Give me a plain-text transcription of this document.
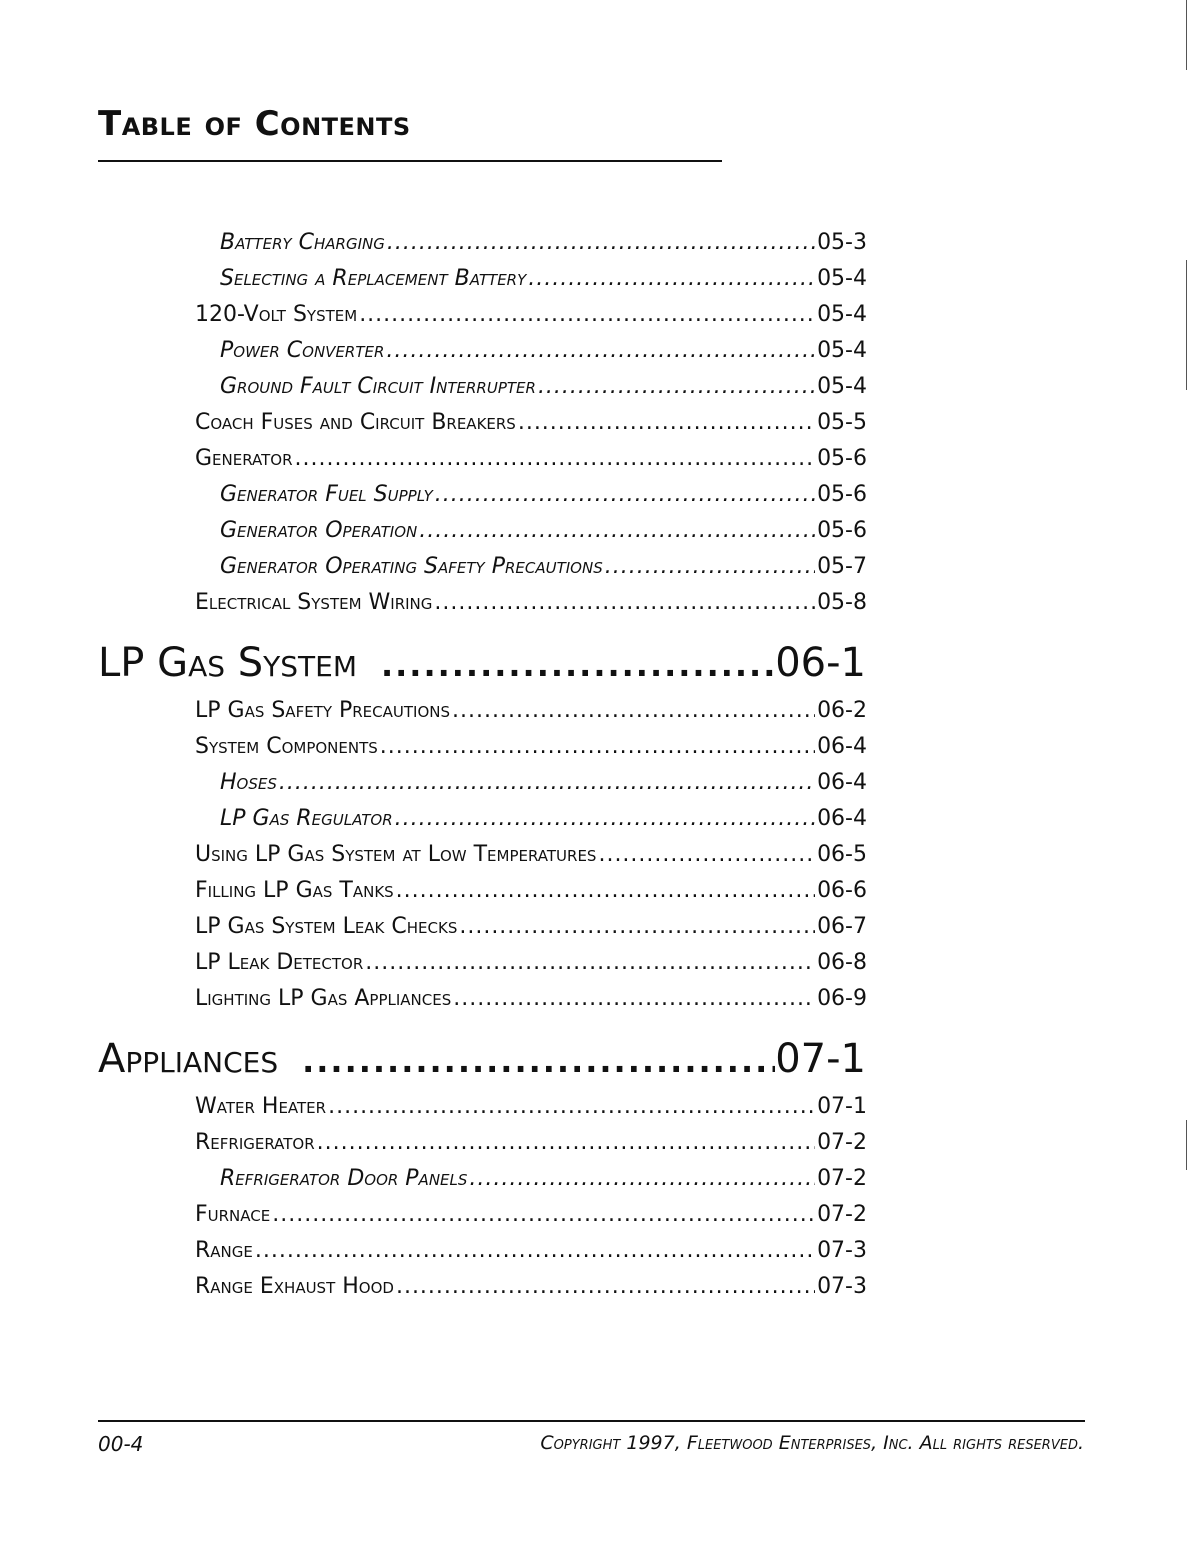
Table of Contents
Battery Charging .....	05-3
Selecting a Replacement Battery .....	05-4
120-Volt System .....	05-4
Power Converter .....	05-4
Ground Fault Circuit Interrupter .....	05-4
Coach Fuses and Circuit Breakers .....	05-5
Generator .....	05-6
Generator Fuel Supply .....	05-6
Generator Operation .....	05-6
Generator Operating Safety Precautions .....	05-7
Electrical System Wiring .....	05-8
LP Gas System .....	06-1
LP Gas Safety Precautions .....	06-2
System Components .....	06-4
Hoses .....	06-4
LP Gas Regulator .....	06-4
Using LP Gas System at Low Temperatures .....	06-5
Filling LP Gas Tanks .....	06-6
LP Gas System Leak Checks .....	06-7
LP Leak Detector .....	06-8
Lighting LP Gas Appliances .....	06-9
Appliances .....	07-1
Water Heater .....	07-1
Refrigerator .....	07-2
Refrigerator Door Panels .....	07-2
Furnace .....	07-2
Range .....	07-3
Range Exhaust Hood .....	07-3
00-4	Copyright 1997, Fleetwood Enterprises, Inc. All rights reserved.
